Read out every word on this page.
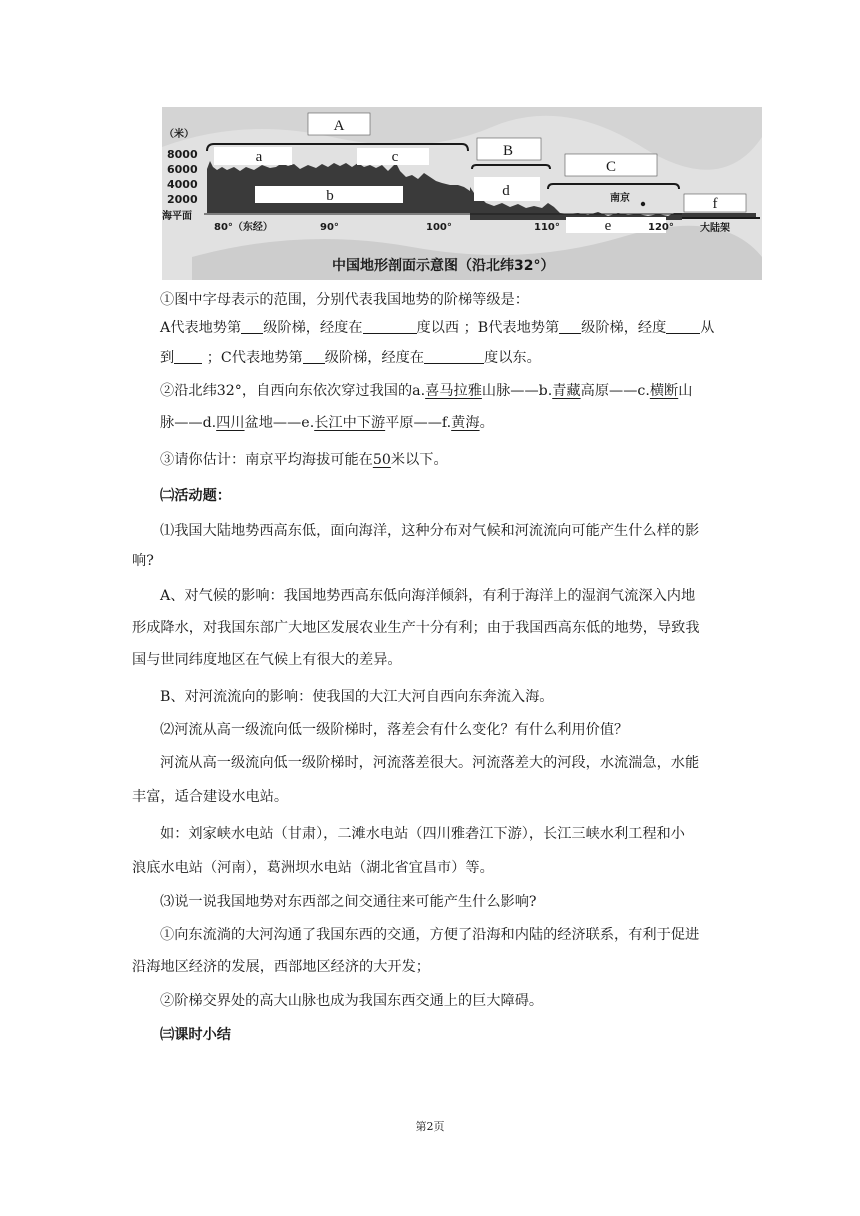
A
a	c
b
B
d
C
e
f
南京
（米）
8000
6000
4000
2000
海平面
80°（东经）	90°	100°	110°	120°	大陆架
中国地形剖面示意图（沿北纬32°）
①图中字母表示的范围，分别代表我国地势的阶梯等级是：
A代表地势第 级阶梯，经度在	度以西 ；B代表地势第 级阶梯，经度 从
到 ；C代表地势第 级阶梯，经度在	度以东。
②沿北纬32°，自西向东依次穿过我国的a.喜马拉雅山脉——b.青藏高原——c.横断山
脉——d.四川盆地——e.长江中下游平原——f.黄海。
③请你估计：南京平均海拔可能在50米以下。
㈡活动题：
⑴我国大陆地势西高东低，面向海洋，这种分布对气候和河流流向可能产生什么样的影
响?
A、对气候的影响：我国地势西高东低向海洋倾斜，有利于海洋上的湿润气流深入内地
形成降水，对我国东部广大地区发展农业生产十分有利；由于我国西高东低的地势，导致我
国与世同纬度地区在气候上有很大的差异。
B、对河流流向的影响：使我国的大江大河自西向东奔流入海。
⑵河流从高一级流向低一级阶梯时，落差会有什么变化？有什么利用价值？
河流从高一级流向低一级阶梯时，河流落差很大。河流落差大的河段，水流湍急，水能
丰富，适合建设水电站。
如：刘家峡水电站（甘肃），二滩水电站（四川雅砻江下游），长江三峡水利工程和小
浪底水电站（河南），葛洲坝水电站（湖北省宜昌市）等。
⑶说一说我国地势对东西部之间交通往来可能产生什么影响?
①向东流淌的大河沟通了我国东西的交通，方便了沿海和内陆的经济联系，有利于促进
沿海地区经济的发展，西部地区经济的大开发；
②阶梯交界处的高大山脉也成为我国东西交通上的巨大障碍。
㈢课时小结
第2页
